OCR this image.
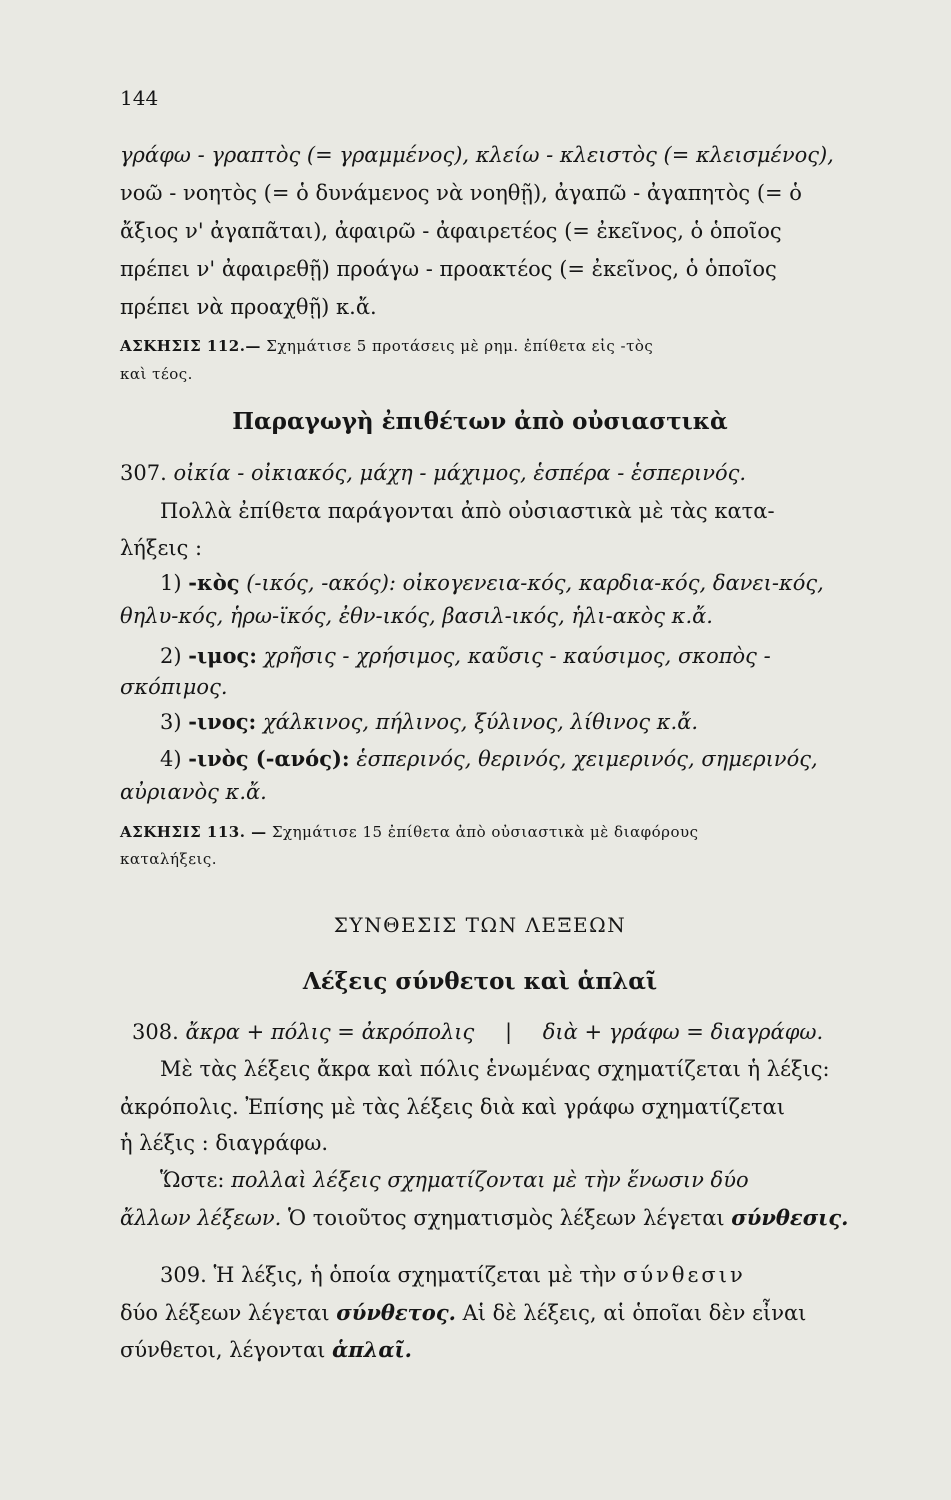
144
γράφω - γραπτὸς (= γραμμένος), κλείω - κλειστὸς (= κλεισμένος),
νοῶ - νοητὸς (= ὁ δυνάμενος νὰ νοηθῇ), ἀγαπῶ - ἀγαπητὸς (= ὁ
ἄξιος ν' ἀγαπᾶται), ἀφαιρῶ - ἀφαιρετέος (= ἐκεῖνος, ὁ ὁποῖος
πρέπει ν' ἀφαιρεθῇ) προάγω - προακτέος (= ἐκεῖνος, ὁ ὁποῖος
πρέπει νὰ προαχθῇ) κ.ἄ.
ΑΣΚΗΣΙΣ 112.— Σχημάτισε 5 προτάσεις μὲ ρημ. ἐπίθετα εἰς -τὸς
καὶ τέος.
Παραγωγὴ ἐπιθέτων ἀπὸ οὐσιαστικὰ
307. οἰκία - οἰκιακός, μάχη - μάχιμος, ἑσπέρα - ἑσπερινός.
Πολλὰ ἐπίθετα παράγονται ἀπὸ οὐσιαστικὰ μὲ τὰς κατα-
λήξεις :
1) -κὸς (-ικός, -ακός): οἰκογενεια-κός, καρδια-κός, δανει-κός,
θηλυ-κός, ἡρω-ϊκός, ἐθν-ικός, βασιλ-ικός, ἡλι-ακὸς κ.ἄ.
2) -ιμος: χρῆσις - χρήσιμος, καῦσις - καύσιμος, σκοπὸς -
σκόπιμος.
3) -ινος: χάλκινος, πήλινος, ξύλινος, λίθινος κ.ἄ.
4) -ινὸς (-ανός): ἑσπερινός, θερινός, χειμερινός, σημερινός,
αὐριανὸς κ.ἄ.
ΑΣΚΗΣΙΣ 113. — Σχημάτισε 15 ἐπίθετα ἀπὸ οὐσιαστικὰ μὲ διαφόρους
καταλήξεις.
ΣΥΝΘΕΣΙΣ ΤΩΝ ΛΕΞΕΩΝ
Λέξεις σύνθετοι καὶ ἁπλαῖ
308. ἄκρα + πόλις = ἀκρόπολις | διὰ + γράφω = διαγράφω.
Μὲ τὰς λέξεις ἄκρα καὶ πόλις ἑνωμένας σχηματίζεται ἡ λέξις:
ἀκρόπολις. Ἐπίσης μὲ τὰς λέξεις διὰ καὶ γράφω σχηματίζεται
ἡ λέξις : διαγράφω.
Ὥστε: πολλαὶ λέξεις σχηματίζονται μὲ τὴν ἕνωσιν δύο
ἄλλων λέξεων. Ὁ τοιοῦτος σχηματισμὸς λέξεων λέγεται σύνθεσις.
309. Ἡ λέξις, ἡ ὁποία σχηματίζεται μὲ τὴν σύνθεσιν
δύο λέξεων λέγεται σύνθετος. Αἱ δὲ λέξεις, αἱ ὁποῖαι δὲν εἶναι
σύνθετοι, λέγονται ἁπλαῖ.
